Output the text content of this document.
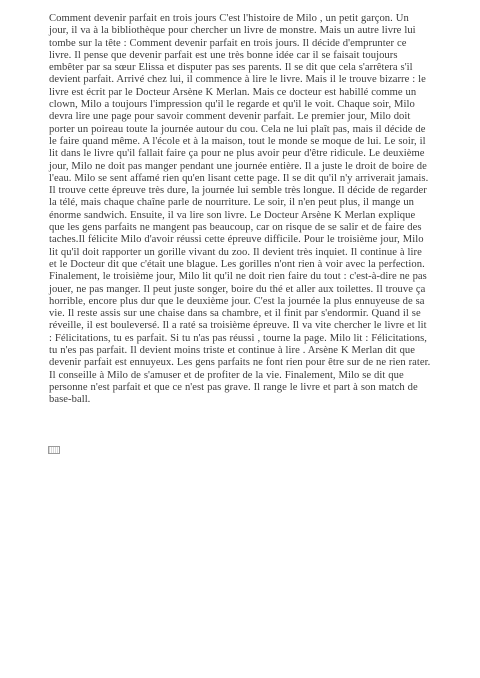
Comment devenir parfait en trois jours C'est l'histoire de Milo , un petit garçon. Un jour, il va à la bibliothèque pour chercher un livre de monstre. Mais un autre livre lui tombe sur la tête : Comment devenir parfait en trois jours. Il décide d'emprunter ce livre. Il pense que devenir parfait est une très bonne idée car il se faisait toujours embêter par sa sœur Elissa et disputer pas ses parents. Il se dit que cela s'arrêtera s'il devient parfait. Arrivé chez lui, il commence à lire le livre. Mais il le trouve bizarre : le livre est écrit par le Docteur Arsène K Merlan. Mais ce docteur est habillé comme un clown, Milo a toujours l'impression qu'il le regarde et qu'il le voit. Chaque soir, Milo devra lire une page pour savoir comment devenir parfait. Le premier jour, Milo doit porter un poireau toute la journée autour du cou. Cela ne lui plaît pas, mais il décide de le faire quand même. A l'école et à la maison, tout le monde se moque de lui. Le soir, il lit dans le livre qu'il fallait faire ça pour ne plus avoir peur d'être ridicule. Le deuxième jour, Milo ne doit pas manger pendant une journée entière. Il a juste le droit de boire de l'eau. Milo se sent affamé rien qu'en lisant cette page. Il se dit qu'il n'y arriverait jamais. Il trouve cette épreuve très dure, la journée lui semble très longue. Il décide de regarder la télé, mais chaque chaîne parle de nourriture. Le soir, il n'en peut plus, il mange un énorme sandwich. Ensuite, il va lire son livre. Le Docteur Arsène K Merlan explique que les gens parfaits ne mangent pas beaucoup, car on risque de se salir et de faire des taches.Il félicite Milo d'avoir réussi cette épreuve difficile. Pour le troisième jour, Milo lit qu'il doit rapporter un gorille vivant du zoo. Il devient très inquiet. Il continue à lire et le Docteur dit que c'était une blague. Les gorilles n'ont rien à voir avec la perfection. Finalement, le troisième jour, Milo lit qu'il ne doit rien faire du tout : c'est-à-dire ne pas jouer, ne pas manger. Il peut juste songer, boire du thé et aller aux toilettes. Il trouve ça horrible, encore plus dur que le deuxième jour. C'est la journée la plus ennuyeuse de sa vie. Il reste assis sur une chaise dans sa chambre, et il finit par s'endormir. Quand il se réveille, il est bouleversé. Il a raté sa troisième épreuve. Il va vite chercher le livre et lit : Félicitations, tu es parfait. Si tu n'as pas réussi , tourne la page. Milo lit : Félicitations, tu n'es pas parfait. Il devient moins triste et continue à lire . Arsène K Merlan dit que devenir parfait est ennuyeux. Les gens parfaits ne font rien pour être sur de ne rien rater. Il conseille à Milo de s'amuser et de profiter de la vie. Finalement, Milo se dit que personne n'est parfait et que ce n'est pas grave. Il range le livre et part à son match de base-ball.
